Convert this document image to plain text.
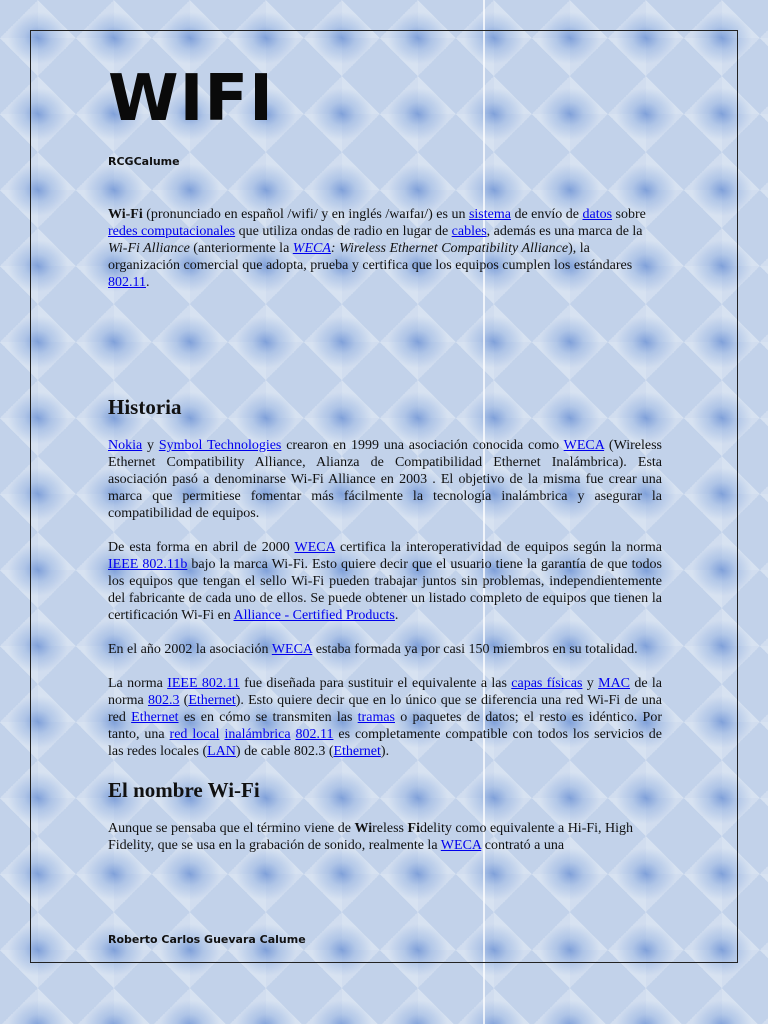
WIFI
RCGCalume

Wi-Fi (pronunciado en español /wifi/ y en inglés /waɪfaɪ/) es un sistema de envío de datos sobre redes computacionales que utiliza ondas de radio en lugar de cables, además es una marca de la Wi-Fi Alliance (anteriormente la WECA: Wireless Ethernet Compatibility Alliance), la organización comercial que adopta, prueba y certifica que los equipos cumplen los estándares 802.11.

Historia

Nokia y Symbol Technologies crearon en 1999 una asociación conocida como WECA (Wireless Ethernet Compatibility Alliance, Alianza de Compatibilidad Ethernet Inalámbrica). Esta asociación pasó a denominarse Wi-Fi Alliance en 2003 . El objetivo de la misma fue crear una marca que permitiese fomentar más fácilmente la tecnología inalámbrica y asegurar la compatibilidad de equipos.

De esta forma en abril de 2000 WECA certifica la interoperatividad de equipos según la norma IEEE 802.11b bajo la marca Wi-Fi. Esto quiere decir que el usuario tiene la garantía de que todos los equipos que tengan el sello Wi-Fi pueden trabajar juntos sin problemas, independientemente del fabricante de cada uno de ellos. Se puede obtener un listado completo de equipos que tienen la certificación Wi-Fi en Alliance - Certified Products.

En el año 2002 la asociación WECA estaba formada ya por casi 150 miembros en su totalidad.

La norma IEEE 802.11 fue diseñada para sustituir el equivalente a las capas físicas y MAC de la norma 802.3 (Ethernet). Esto quiere decir que en lo único que se diferencia una red Wi-Fi de una red Ethernet es en cómo se transmiten las tramas o paquetes de datos; el resto es idéntico. Por tanto, una red local inalámbrica 802.11 es completamente compatible con todos los servicios de las redes locales (LAN) de cable 802.3 (Ethernet).

El nombre Wi-Fi

Aunque se pensaba que el término viene de Wireless Fidelity como equivalente a Hi-Fi, High Fidelity, que se usa en la grabación de sonido, realmente la WECA contrató a una

Roberto Carlos Guevara Calume
